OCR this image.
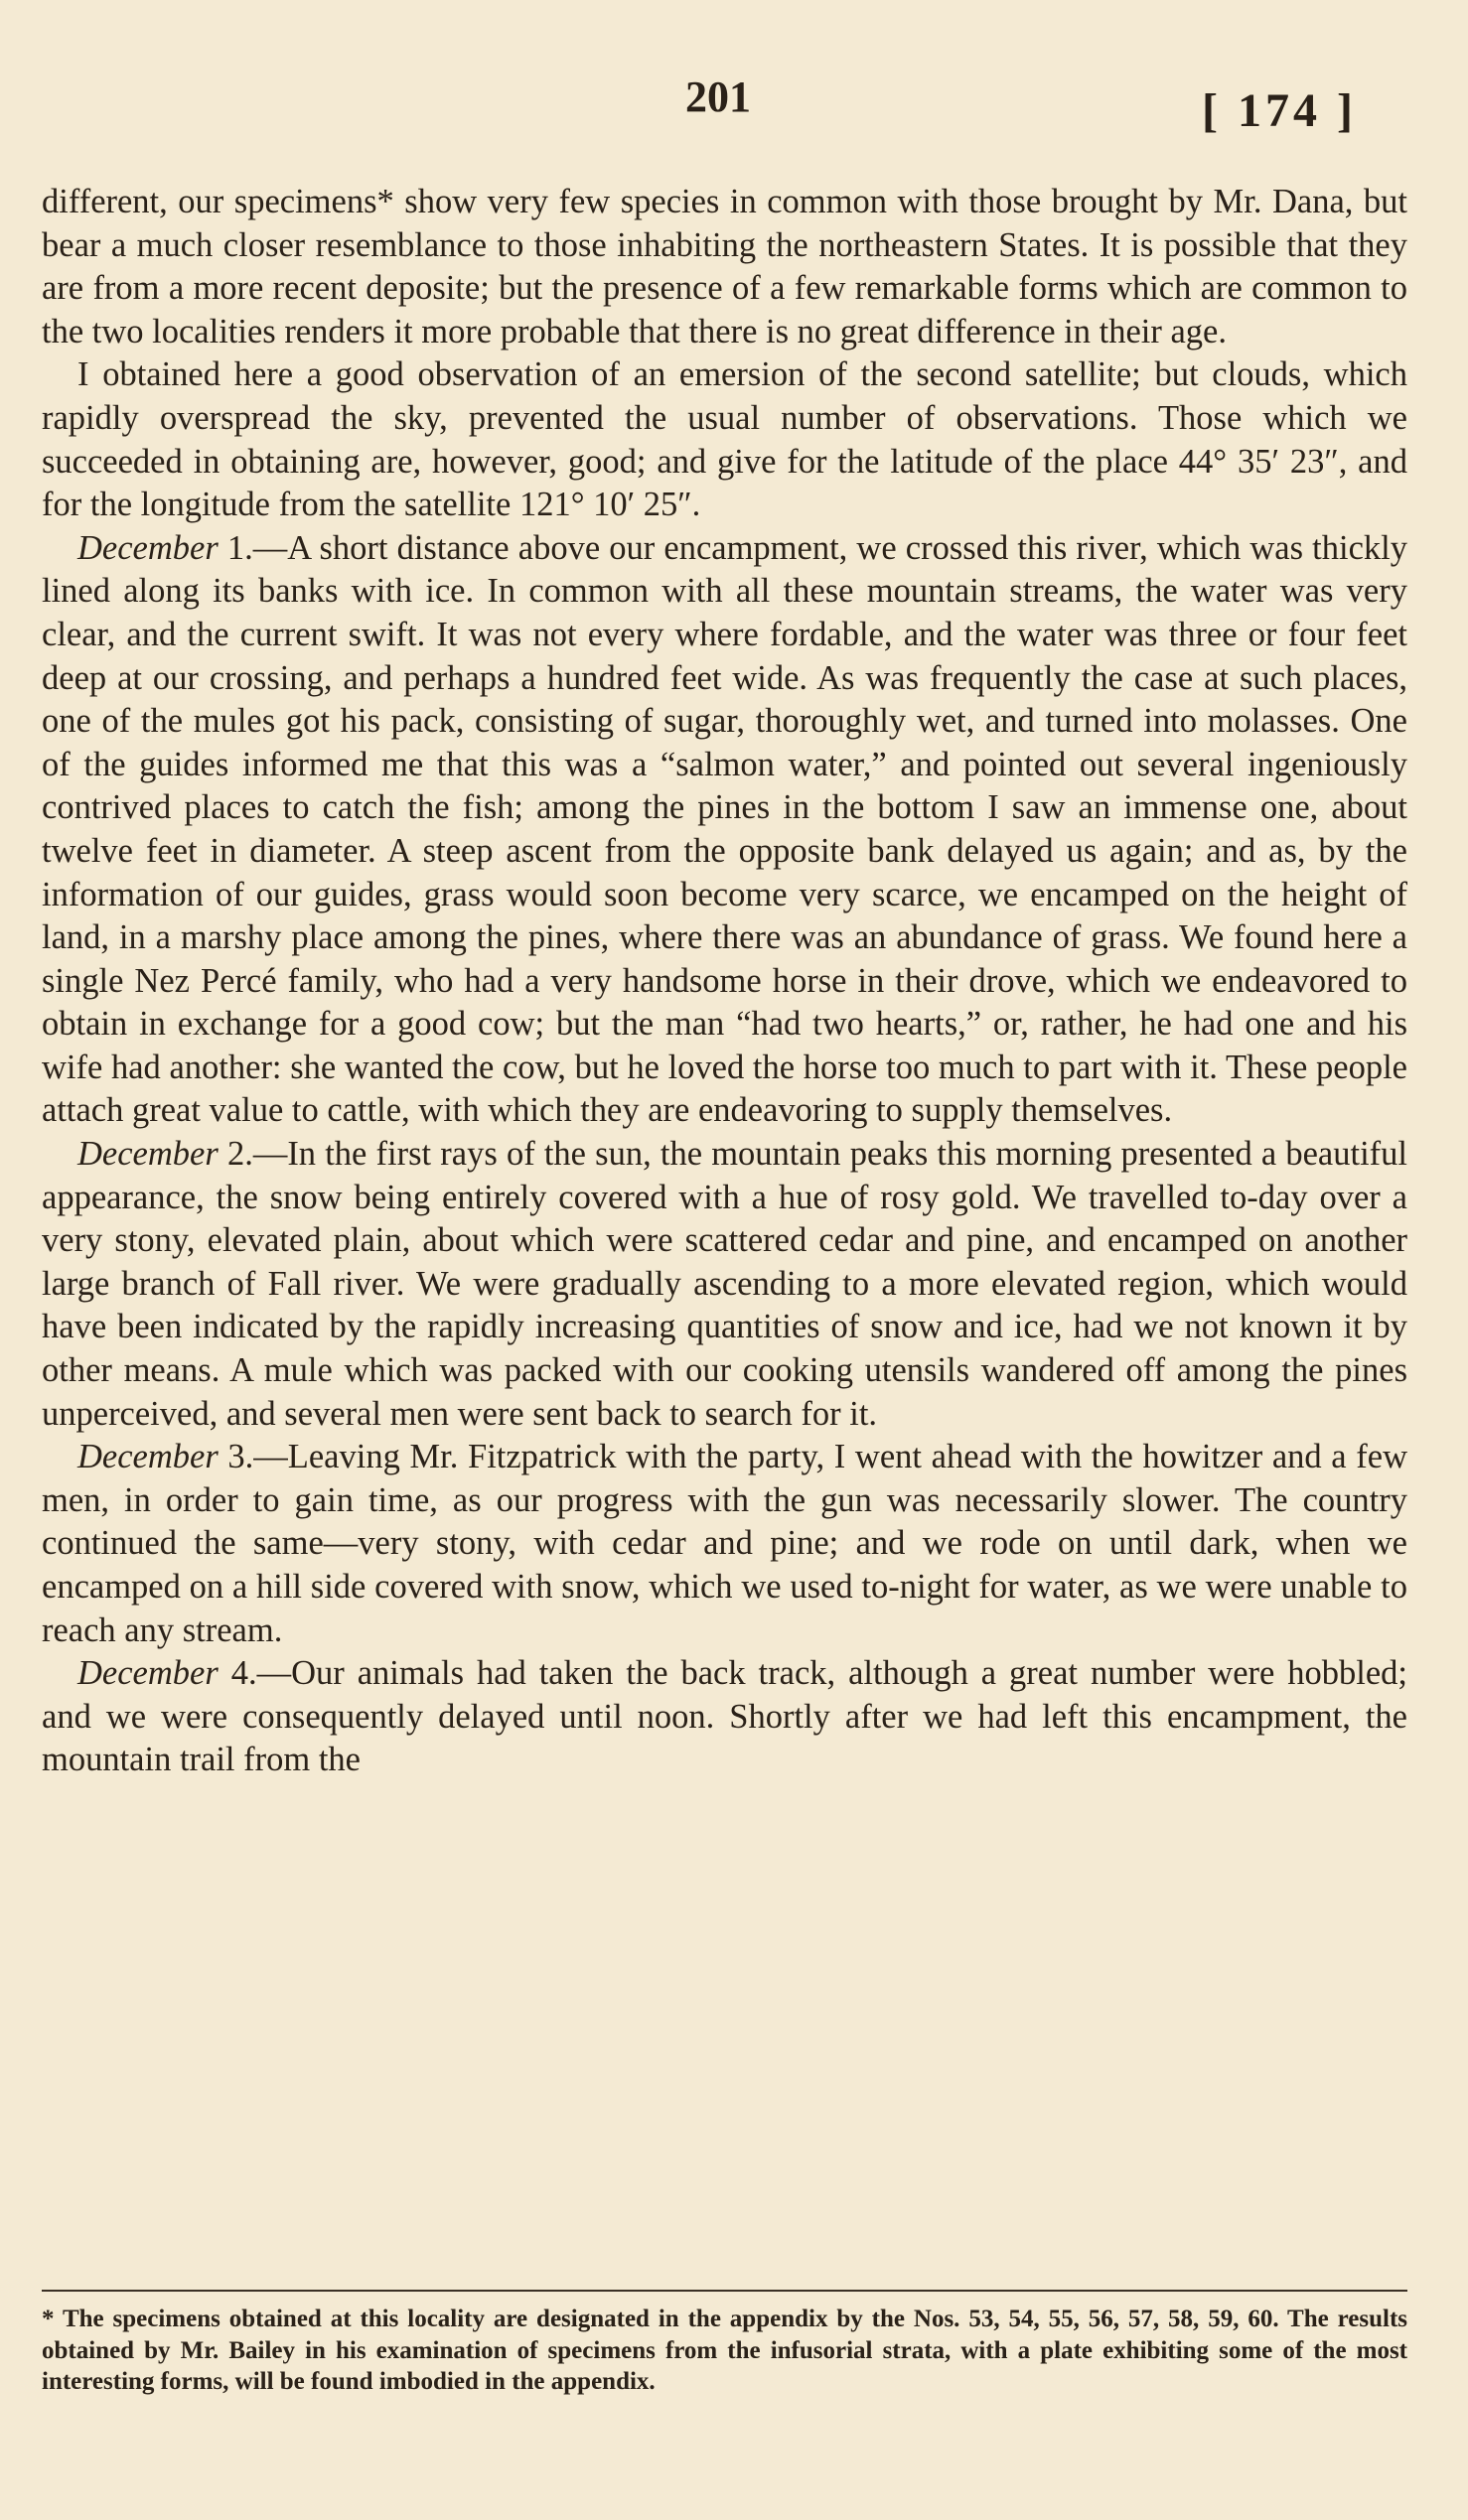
201	[ 174 ]

different, our specimens* show very few species in common with those brought by Mr. Dana, but bear a much closer resemblance to those inhabiting the northeastern States. It is possible that they are from a more recent deposite; but the presence of a few remarkable forms which are common to the two localities renders it more probable that there is no great difference in their age.

I obtained here a good observation of an emersion of the second satellite; but clouds, which rapidly overspread the sky, prevented the usual number of observations. Those which we succeeded in obtaining are, however, good; and give for the latitude of the place 44° 35′ 23″, and for the longitude from the satellite 121° 10′ 25″.

December 1.—A short distance above our encampment, we crossed this river, which was thickly lined along its banks with ice. In common with all these mountain streams, the water was very clear, and the current swift. It was not every where fordable, and the water was three or four feet deep at our crossing, and perhaps a hundred feet wide. As was frequently the case at such places, one of the mules got his pack, consisting of sugar, thoroughly wet, and turned into molasses. One of the guides informed me that this was a “salmon water,” and pointed out several ingeniously contrived places to catch the fish; among the pines in the bottom I saw an immense one, about twelve feet in diameter. A steep ascent from the opposite bank delayed us again; and as, by the information of our guides, grass would soon become very scarce, we encamped on the height of land, in a marshy place among the pines, where there was an abundance of grass. We found here a single Nez Percé family, who had a very handsome horse in their drove, which we endeavored to obtain in exchange for a good cow; but the man “had two hearts,” or, rather, he had one and his wife had another: she wanted the cow, but he loved the horse too much to part with it. These people attach great value to cattle, with which they are endeavoring to supply themselves.

December 2.—In the first rays of the sun, the mountain peaks this morning presented a beautiful appearance, the snow being entirely covered with a hue of rosy gold. We travelled to-day over a very stony, elevated plain, about which were scattered cedar and pine, and encamped on another large branch of Fall river. We were gradually ascending to a more elevated region, which would have been indicated by the rapidly increasing quantities of snow and ice, had we not known it by other means. A mule which was packed with our cooking utensils wandered off among the pines unperceived, and several men were sent back to search for it.

December 3.—Leaving Mr. Fitzpatrick with the party, I went ahead with the howitzer and a few men, in order to gain time, as our progress with the gun was necessarily slower. The country continued the same—very stony, with cedar and pine; and we rode on until dark, when we encamped on a hill side covered with snow, which we used to-night for water, as we were unable to reach any stream.

December 4.—Our animals had taken the back track, although a great number were hobbled; and we were consequently delayed until noon. Shortly after we had left this encampment, the mountain trail from the

* The specimens obtained at this locality are designated in the appendix by the Nos. 53, 54, 55, 56, 57, 58, 59, 60. The results obtained by Mr. Bailey in his examination of specimens from the infusorial strata, with a plate exhibiting some of the most interesting forms, will be found imbodied in the appendix.
